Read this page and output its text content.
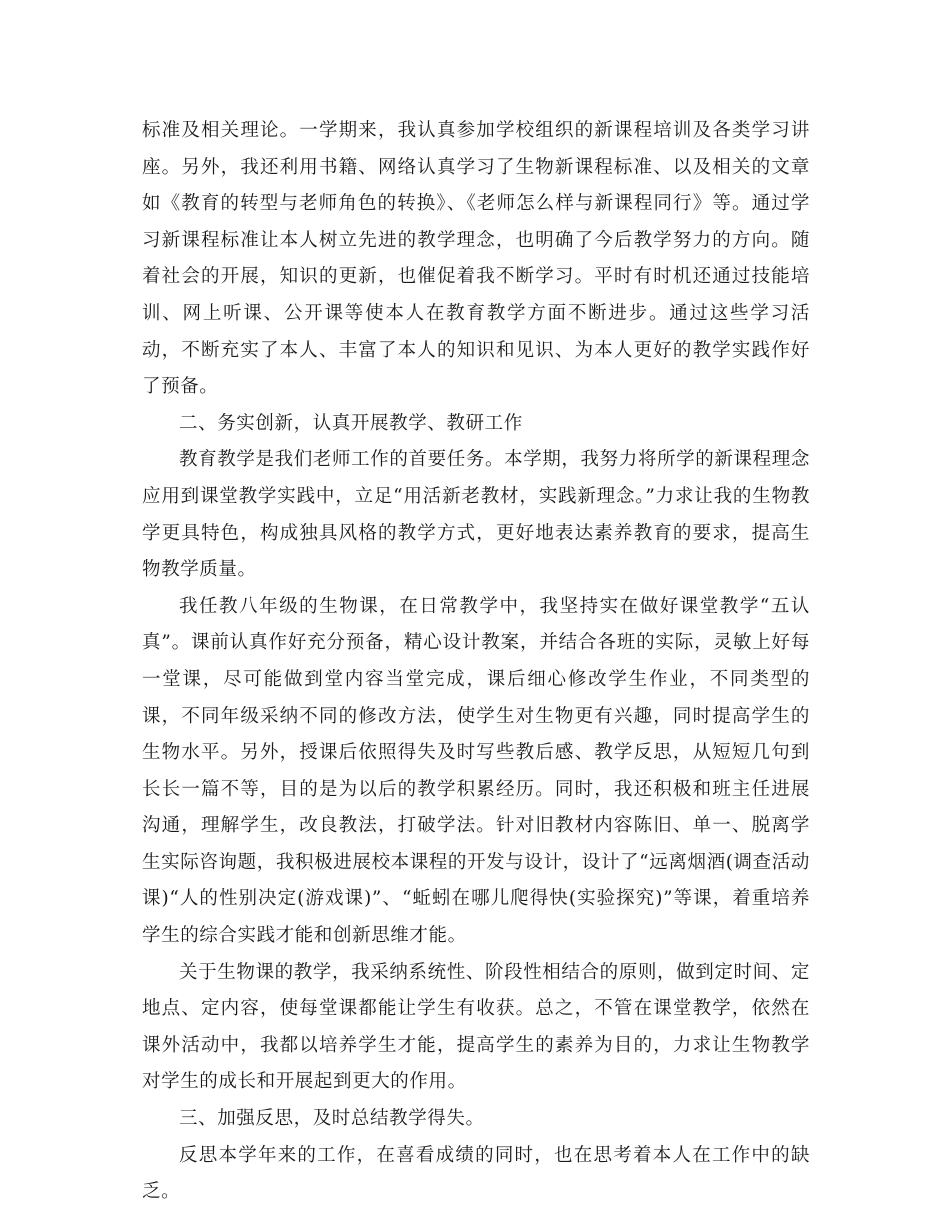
标准及相关理论。一学期来，我认真参加学校组织的新课程培训及各类学习讲座。另外，我还利用书籍、网络认真学习了生物新课程标准、以及相关的文章如《教育的转型与老师角色的转换》、《老师怎么样与新课程同行》等。通过学习新课程标准让本人树立先进的教学理念，也明确了今后教学努力的方向。随着社会的开展，知识的更新，也催促着我不断学习。平时有时机还通过技能培训、网上听课、公开课等使本人在教育教学方面不断进步。通过这些学习活动，不断充实了本人、丰富了本人的知识和见识、为本人更好的教学实践作好了预备。

二、务实创新，认真开展教学、教研工作

教育教学是我们老师工作的首要任务。本学期，我努力将所学的新课程理念应用到课堂教学实践中，立足“用活新老教材，实践新理念。”力求让我的生物教学更具特色，构成独具风格的教学方式，更好地表达素养教育的要求，提高生物教学质量。

我任教八年级的生物课，在日常教学中，我坚持实在做好课堂教学“五认真”。课前认真作好充分预备，精心设计教案，并结合各班的实际，灵敏上好每一堂课，尽可能做到堂内容当堂完成，课后细心修改学生作业，不同类型的课，不同年级采纳不同的修改方法，使学生对生物更有兴趣，同时提高学生的生物水平。另外，授课后依照得失及时写些教后感、教学反思，从短短几句到长长一篇不等，目的是为以后的教学积累经历。同时，我还积极和班主任进展沟通，理解学生，改良教法，打破学法。针对旧教材内容陈旧、单一、脱离学生实际咨询题，我积极进展校本课程的开发与设计，设计了“远离烟酒(调查活动课)“人的性别决定(游戏课)”、“蚯蚓在哪儿爬得快(实验探究)”等课，着重培养学生的综合实践才能和创新思维才能。

关于生物课的教学，我采纳系统性、阶段性相结合的原则，做到定时间、定地点、定内容，使每堂课都能让学生有收获。总之，不管在课堂教学，依然在课外活动中，我都以培养学生才能，提高学生的素养为目的，力求让生物教学对学生的成长和开展起到更大的作用。

三、加强反思，及时总结教学得失。

反思本学年来的工作，在喜看成绩的同时，也在思考着本人在工作中的缺乏。
